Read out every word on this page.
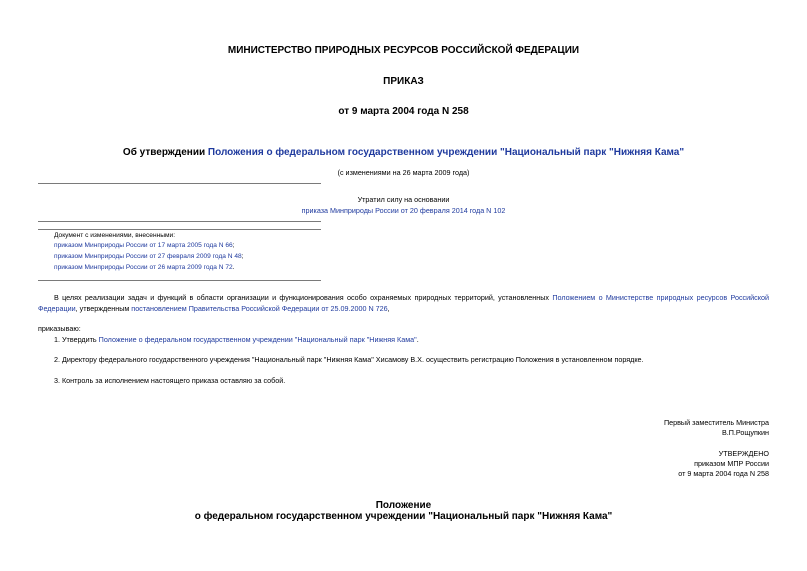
МИНИСТЕРСТВО ПРИРОДНЫХ РЕСУРСОВ РОССИЙСКОЙ ФЕДЕРАЦИИ
ПРИКАЗ
от 9 марта 2004 года N 258
Об утверждении Положения о федеральном государственном учреждении "Национальный парк "Нижняя Кама"
(с изменениями на 26 марта 2009 года)
Утратил силу на основании
приказа Минприроды России от 20 февраля 2014 года N 102
Документ с изменениями, внесенными:
приказом Минприроды России от 17 марта 2005 года N 66;
приказом Минприроды России от 27 февраля 2009 года N 48;
приказом Минприроды России от 26 марта 2009 года N 72.
В целях реализации задач и функций в области организации и функционирования особо охраняемых природных территорий, установленных Положением о Министерстве природных ресурсов Российской Федерации, утвержденным постановлением Правительства Российской Федерации от 25.09.2000 N 726,
приказываю:
1. Утвердить Положение о федеральном государственном учреждении "Национальный парк "Нижняя Кама".
2. Директору федерального государственного учреждения "Национальный парк "Нижняя Кама" Хисамову В.Х. осуществить регистрацию Положения в установленном порядке.
3. Контроль за исполнением настоящего приказа оставляю за собой.
Первый заместитель Министра
В.П.Рощупкин
УТВЕРЖДЕНО
приказом МПР России
от 9 марта 2004 года N 258
Положение
о федеральном государственном учреждении "Национальный парк "Нижняя Кама"
